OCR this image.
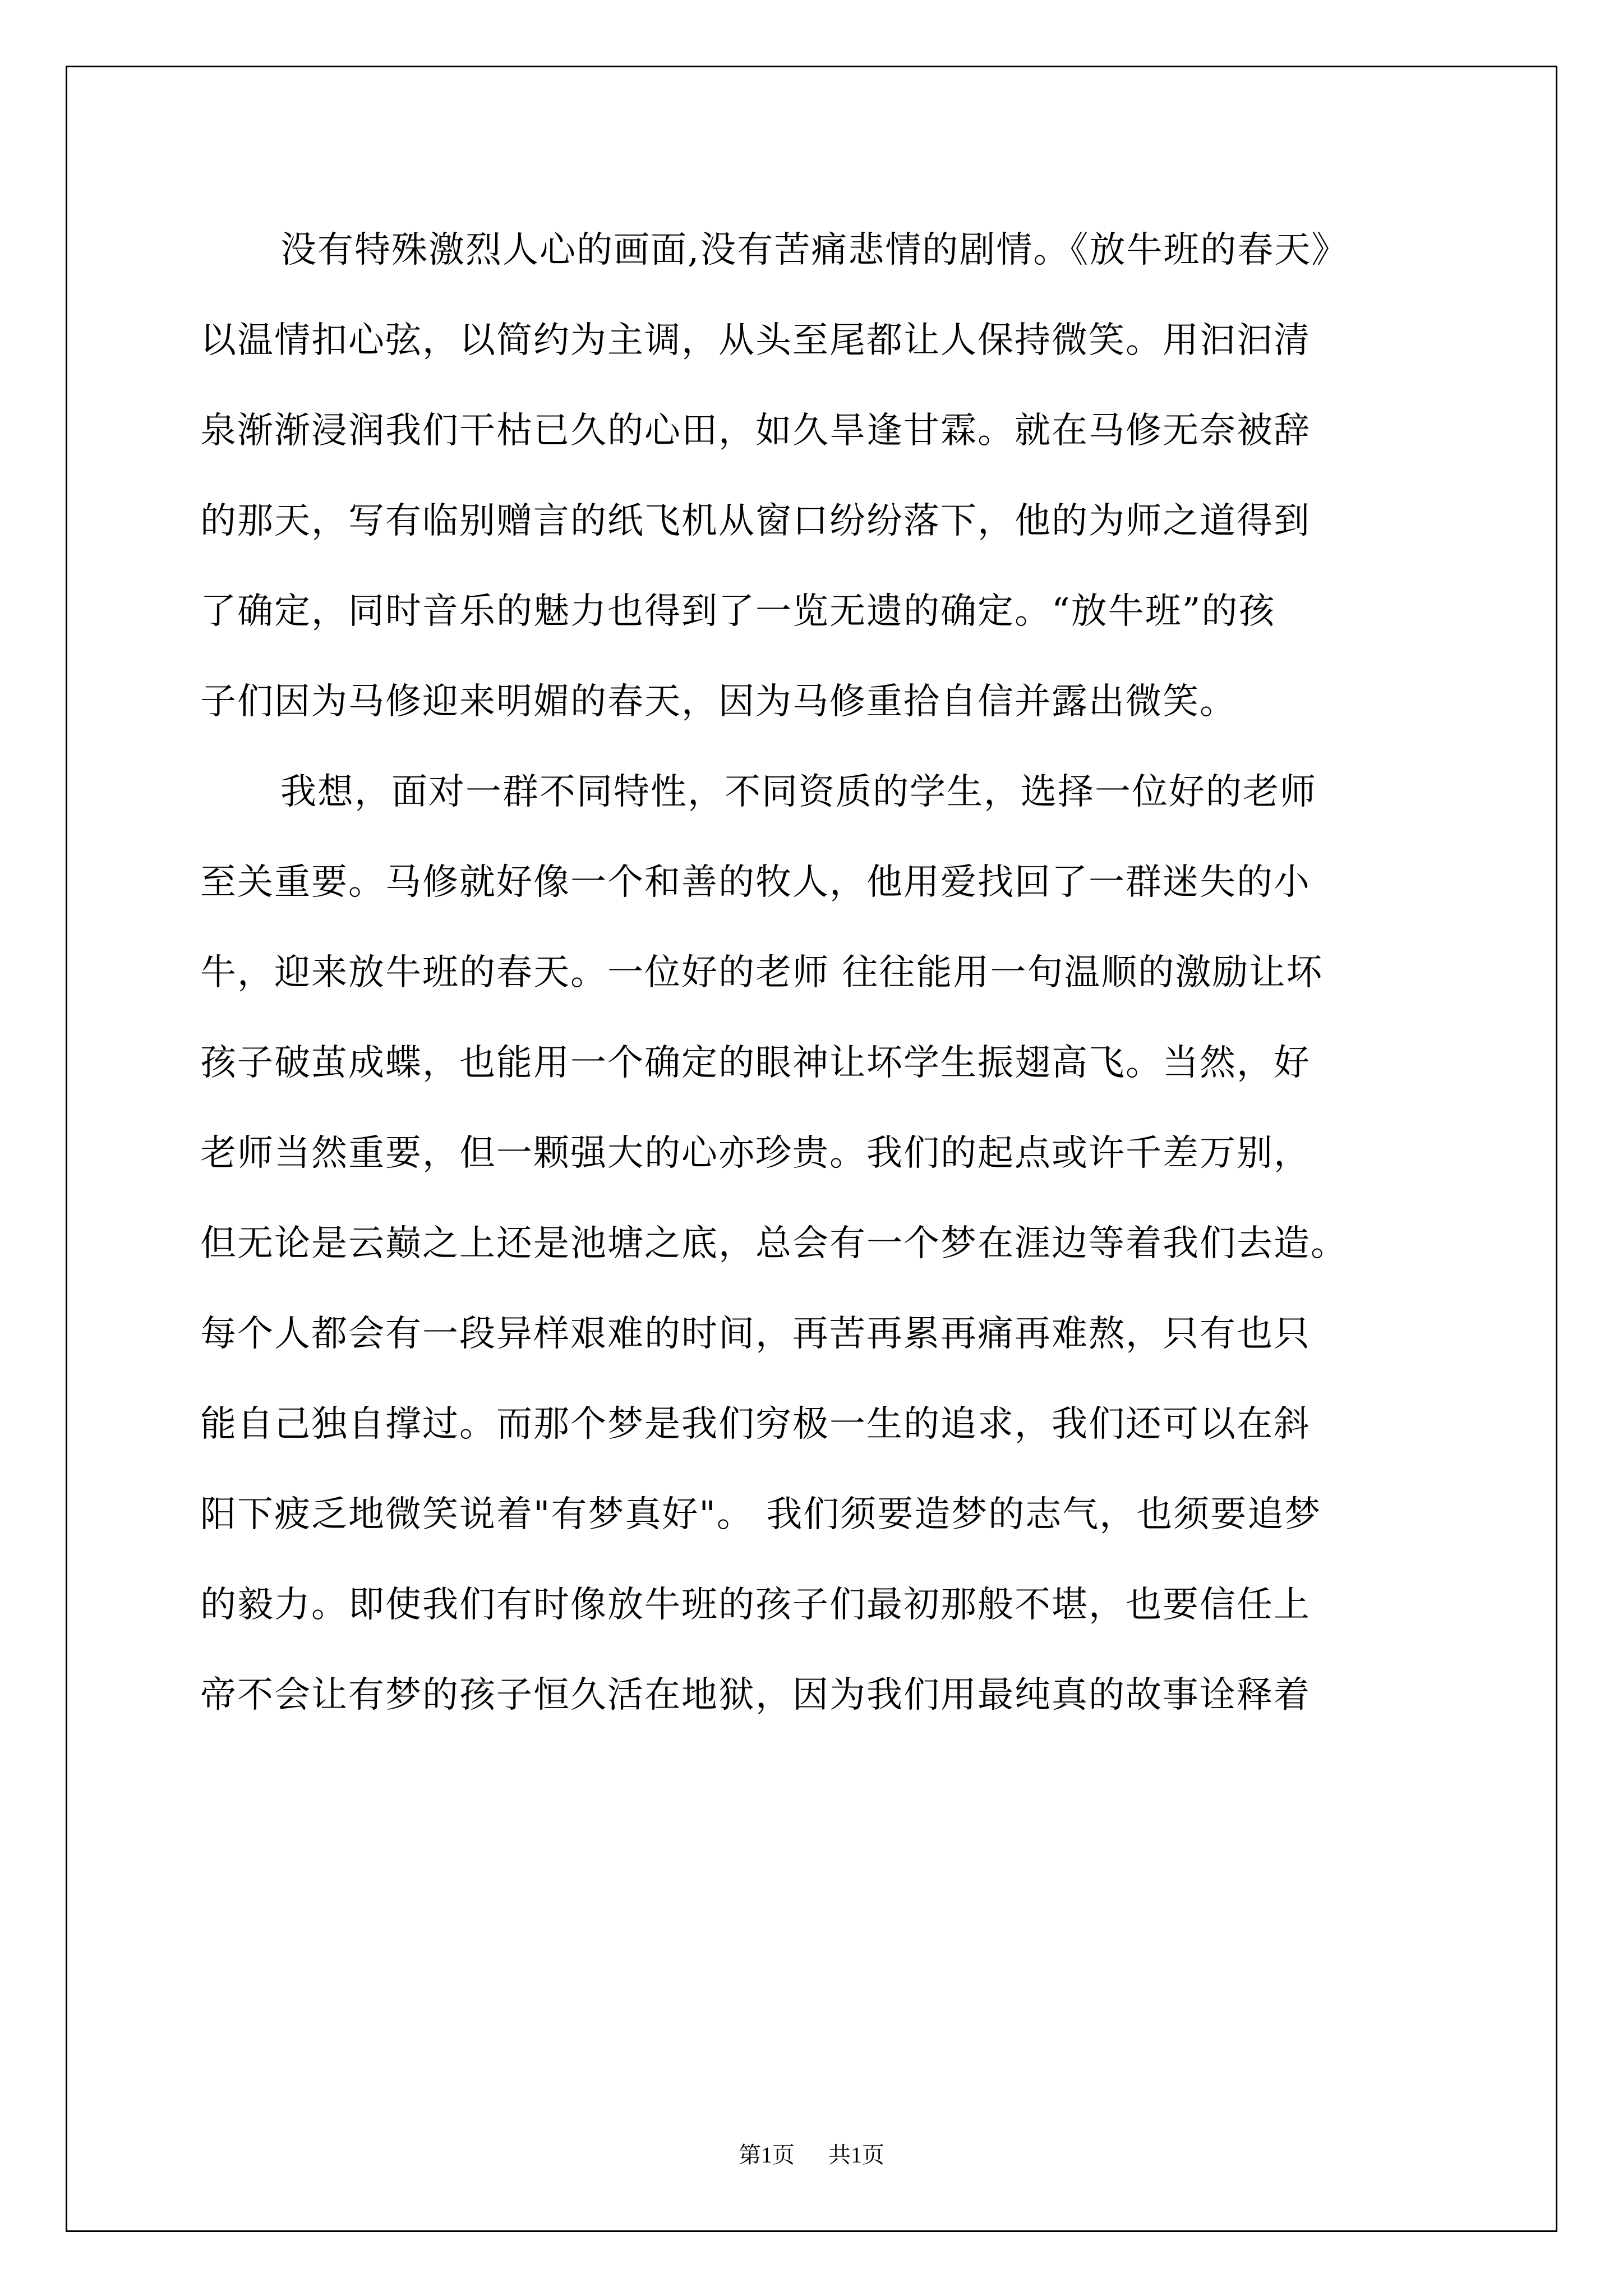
没有特殊激烈人心的画面,没有苦痛悲情的剧情。《放牛班的春天》
以温情扣心弦，以简约为主调，从头至尾都让人保持微笑。用汩汩清
泉渐渐浸润我们干枯已久的心田，如久旱逢甘霖。就在马修无奈被辞
的那天，写有临别赠言的纸飞机从窗口纷纷落下，他的为师之道得到
了确定，同时音乐的魅力也得到了一览无遗的确定。“放牛班”的孩
子们因为马修迎来明媚的春天，因为马修重拾自信并露出微笑。
我想，面对一群不同特性，不同资质的学生，选择一位好的老师
至关重要。马修就好像一个和善的牧人，他用爱找回了一群迷失的小
牛，迎来放牛班的春天。一位好的老师 往往能用一句温顺的激励让坏
孩子破茧成蝶，也能用一个确定的眼神让坏学生振翅高飞。当然，好
老师当然重要，但一颗强大的心亦珍贵。我们的起点或许千差万别，
但无论是云巅之上还是池塘之底，总会有一个梦在涯边等着我们去造。
每个人都会有一段异样艰难的时间，再苦再累再痛再难熬，只有也只
能自己独自撑过。而那个梦是我们穷极一生的追求，我们还可以在斜
阳下疲乏地微笑说着"有梦真好"。 我们须要造梦的志气，也须要追梦
的毅力。即使我们有时像放牛班的孩子们最初那般不堪，也要信任上
帝不会让有梦的孩子恒久活在地狱，因为我们用最纯真的故事诠释着
第1页 共1页
